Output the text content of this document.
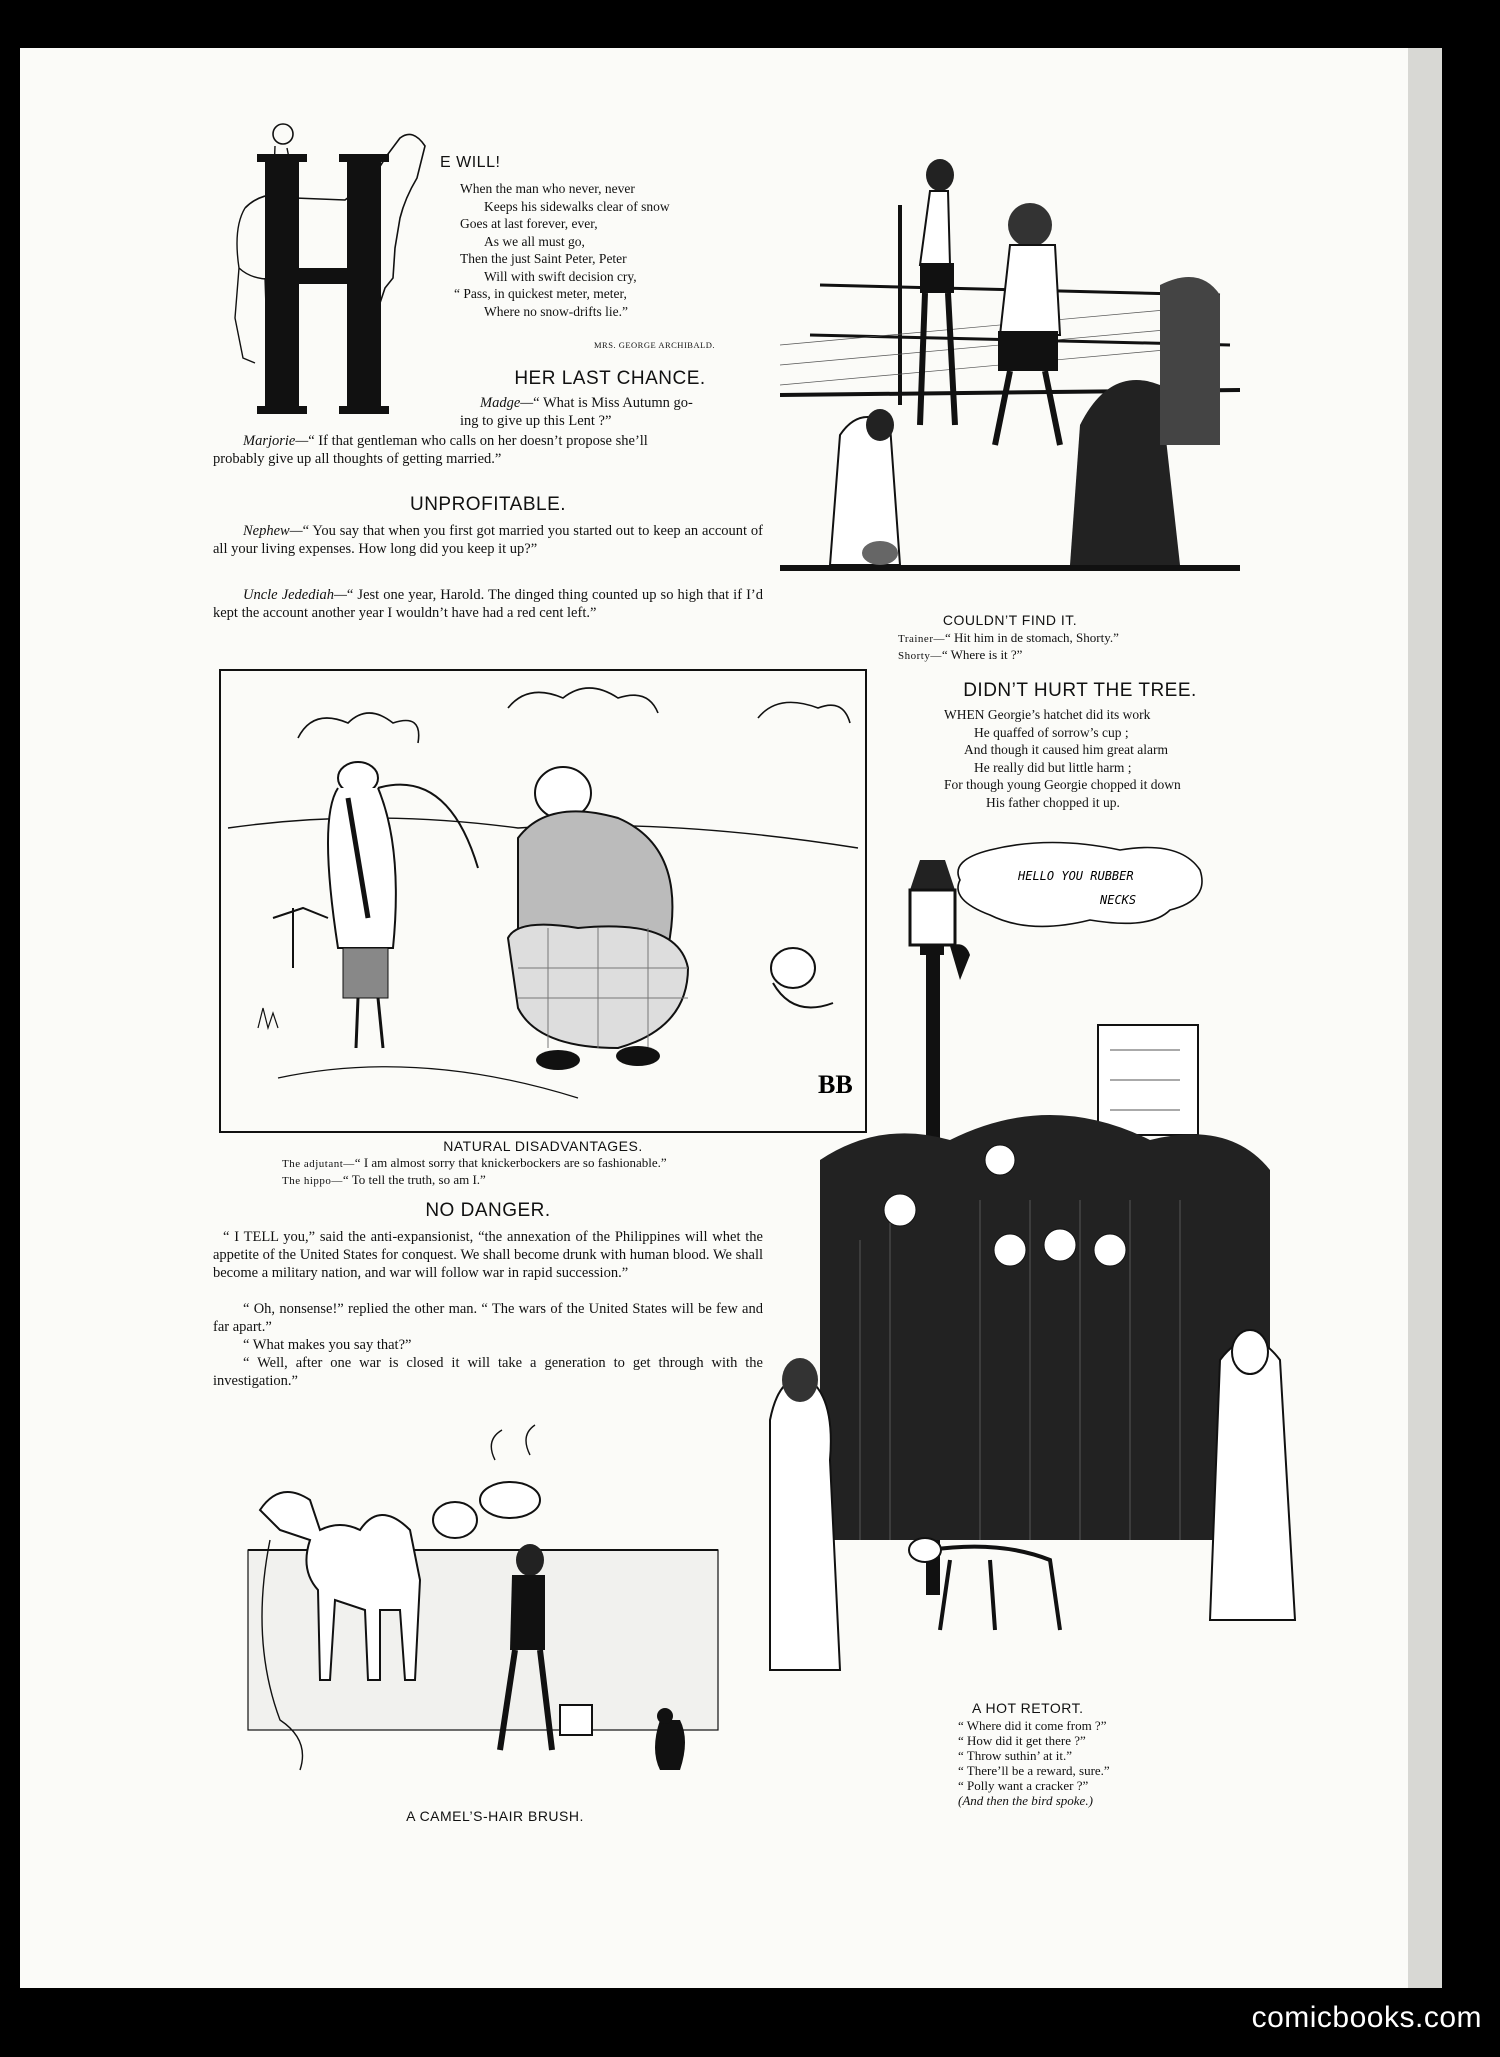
E WILL!
When the man who never, never
Keeps his sidewalks clear of snow
Goes at last forever, ever,
As we all must go,
Then the just Saint Peter, Peter
Will with swift decision cry,
“ Pass, in quickest meter, meter,
Where no snow-drifts lie.”
MRS. GEORGE ARCHIBALD.
HER LAST CHANCE.
Madge—“ What is Miss Autumn go-
ing to give up this Lent ?”
Marjorie—“ If that gentleman who calls on her doesn’t propose she’ll
probably give up all thoughts of getting married.”
UNPROFITABLE.
Nephew—“ You say that when you first got married you started out to keep an account of all your living expenses. How long did you keep it up?”
Uncle Jedediah—“ Jest one year, Harold. The dinged thing counted up so high that if I’d kept the account another year I wouldn’t have had a red cent left.”	COULDN’T FIND IT.
Trainer—“ Hit him in de stomach, Shorty.”
Shorty—“ Where is it ?”
DIDN’T HURT THE TREE.
WHEN Georgie’s hatchet did its work
He quaffed of sorrow’s cup ;
And though it caused him great alarm
He really did but little harm ;
For though young Georgie chopped it down
His father chopped it up.
BB
NATURAL DISADVANTAGES.
The adjutant—“ I am almost sorry that knickerbockers are so fashionable.”
The hippo—“ To tell the truth, so am I.”
NO DANGER.
“ I TELL you,” said the anti-expansionist, “the annexation of the Philippines will whet the appetite of the United States for conquest. We shall become drunk with human blood. We shall become a military nation, and war will follow war in rapid succession.”
“ Oh, nonsense!” replied the other man. “ The wars of the United States will be few and far apart.”
“ What makes you say that?”
“ Well, after one war is closed it will take a generation to get through with the investigation.”
A CAMEL’S-HAIR BRUSH.
HELLO YOU RUBBER
NECKS
A HOT RETORT.
“ Where did it come from ?”
“ How did it get there ?”
“ Throw suthin’ at it.”
“ There’ll be a reward, sure.”
“ Polly want a cracker ?”
(And then the bird spoke.)
comicbooks.com
